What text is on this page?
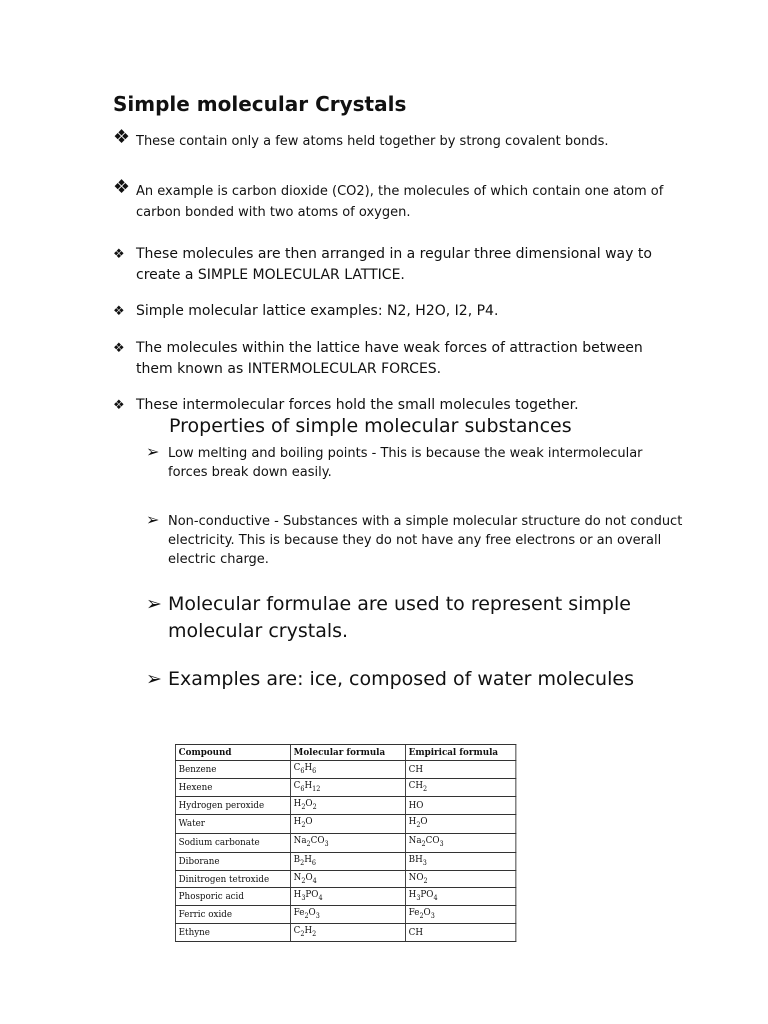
Simple molecular Crystals
❖ These contain only a few atoms held together by strong covalent bonds.
❖ An example is carbon dioxide (CO2), the molecules of which contain one atom of carbon bonded with two atoms of oxygen.
❖ These molecules are then arranged in a regular three dimensional way to create a SIMPLE MOLECULAR LATTICE.
❖ Simple molecular lattice examples: N2, H2O, I2, P4.
❖ The molecules within the lattice have weak forces of attraction between them known as INTERMOLECULAR FORCES.
❖ These intermolecular forces hold the small molecules together.
Properties of simple molecular substances
➢ Low melting and boiling points - This is because the weak intermolecular forces break down easily.
➢ Non-conductive - Substances with a simple molecular structure do not conduct electricity. This is because they do not have any free electrons or an overall electric charge.
➢ Molecular formulae are used to represent simple molecular crystals.
➢ Examples are: ice, composed of water molecules
Compound	Molecular formula	Empirical formula
Benzene	$C_6H_6$	CH
Hexene	$C_6H_{12}$	$CH_2$
Hydrogen peroxide	$H_2O_2$	HO
Water	$H_2O$	$H_2O$
Sodium carbonate	$Na_2CO_3$	$Na_2CO_3$
Diborane	$B_2H_6$	$BH_3$
Dinitrogen tetroxide	$N_2O_4$	$NO_2$
Phosporic acid	$H_3PO_4$	$H_3PO_4$
Ferric oxide	$Fe_2O_3$	$Fe_2O_3$
Ethyne	$C_2H_2$	CH
